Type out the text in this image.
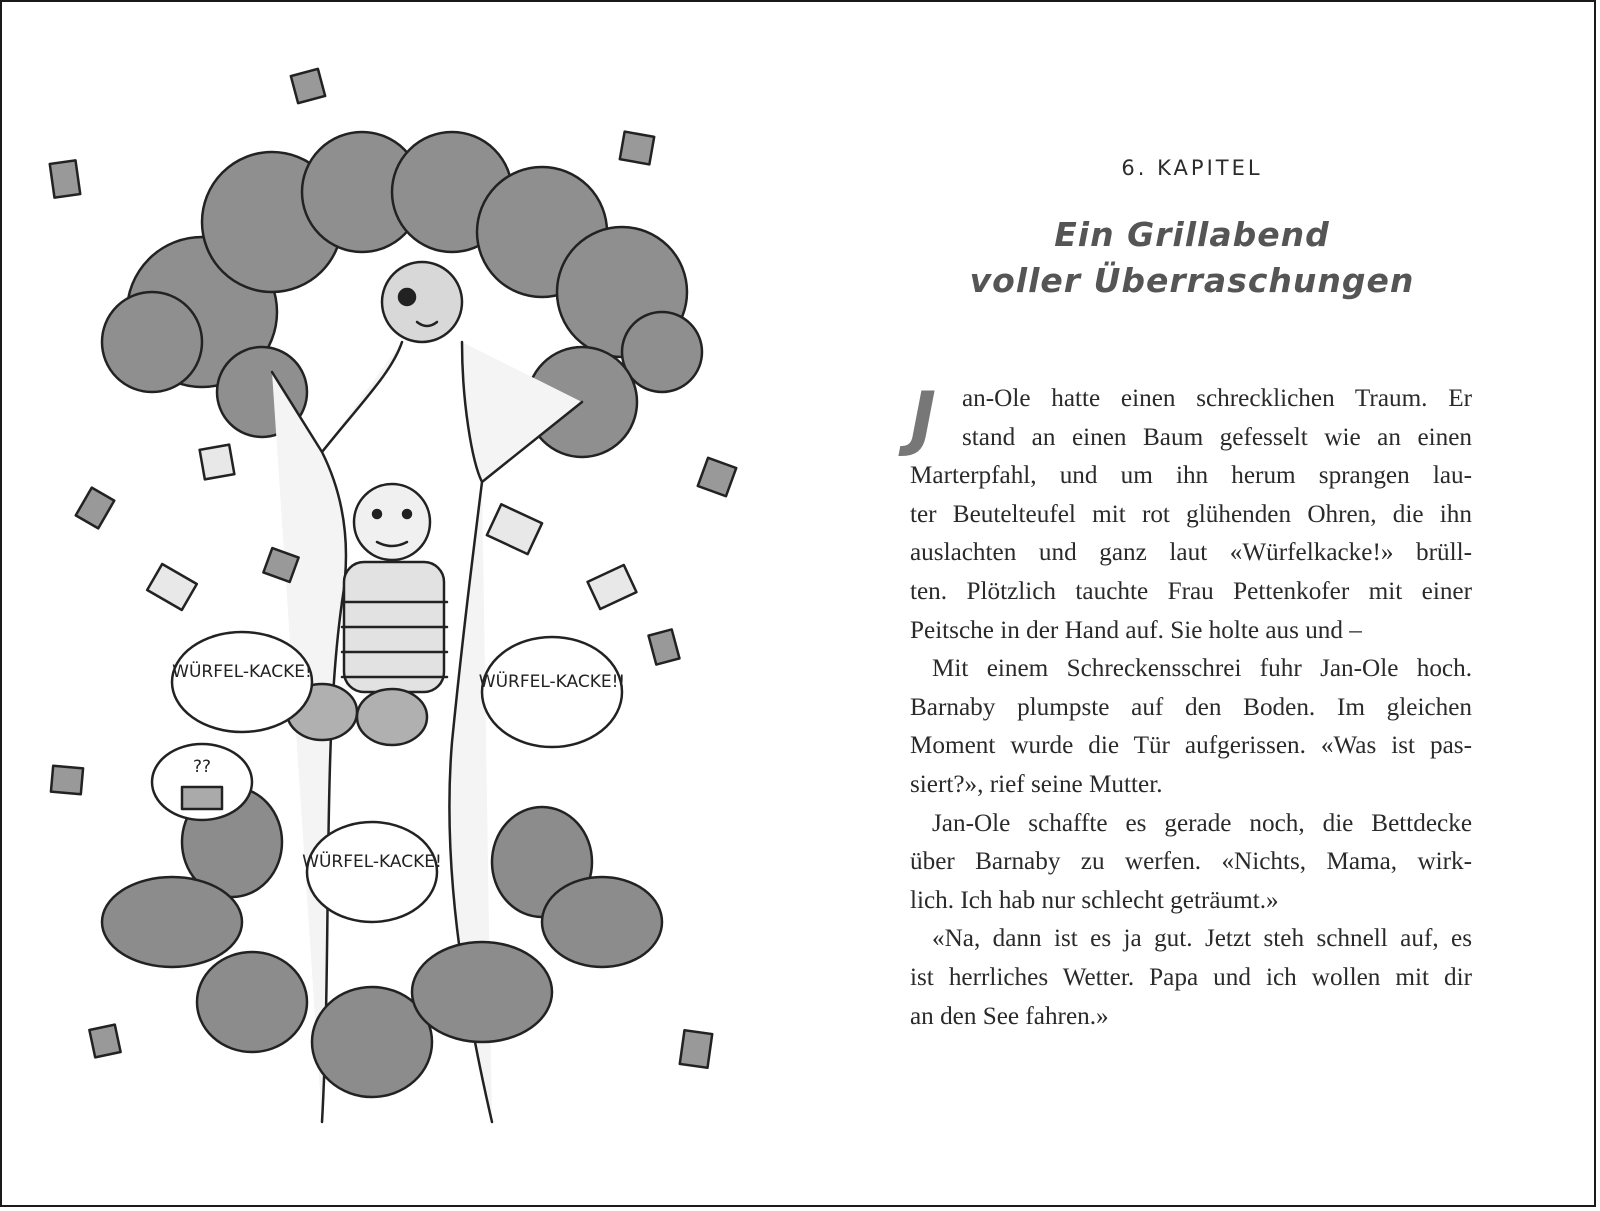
WÜRFEL-KACKE!	WÜRFEL-KACKE!!
WÜRFEL-KACKE!
??
6. KAPITEL
Ein Grillabend
voller Überraschungen
J	an-Ole hatte einen schrecklichen Traum. Er
stand an einen Baum gefesselt wie an einen
Marterpfahl, und um ihn herum sprangen lau-
ter Beutelteufel mit rot glühenden Ohren, die ihn
auslachten und ganz laut «Würfelkacke!» brüll-
ten. Plötzlich tauchte Frau Pettenkofer mit einer
Peitsche in der Hand auf. Sie holte aus und –
Mit einem Schreckensschrei fuhr Jan-Ole hoch.
Barnaby plumpste auf den Boden. Im gleichen
Moment wurde die Tür aufgerissen. «Was ist pas-
siert?», rief seine Mutter.
Jan-Ole schaffte es gerade noch, die Bettdecke
über Barnaby zu werfen. «Nichts, Mama, wirk-
lich. Ich hab nur schlecht geträumt.»
«Na, dann ist es ja gut. Jetzt steh schnell auf, es
ist herrliches Wetter. Papa und ich wollen mit dir
an den See fahren.»
